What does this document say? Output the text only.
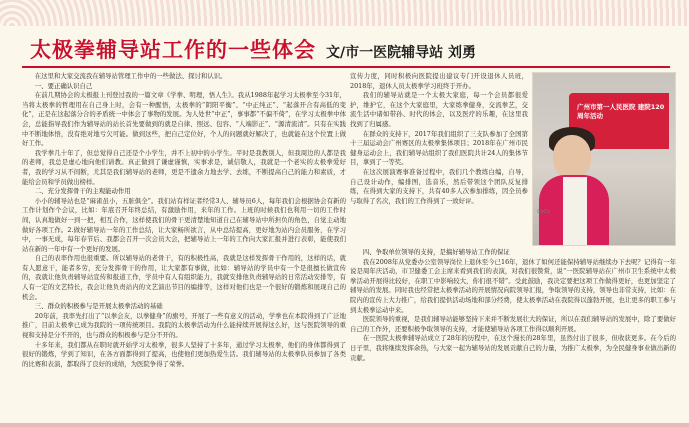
太极拳辅导站工作的一些体会 文/市一医院辅导站 刘勇

在这里和大家交流我在辅导站管理工作中的一些做法、探讨和认识。

一、要正确认识自己

在前几期协会的太极报上刊登过我的一篇文章《学拳、明理，悟人生》。我从1988年起学习太极拳至今31年，当将太极拳的哲理用在自己身上时，会有一种醒悟，太极拳的“阴阳平衡”、“中正纯正”、“起落开合有高低的变化”，正是在这起落分合的矛盾统一中体会了事物的发展。为人处世“中正”，事事都“不偏不倚”，在学习太极拳中体会，总能指导我们作为辅导站的站长首先要做到的就是自律、照远、包容、“人端影正”、“源清流清”。只有在实践中不断地体悟，没有绝对地亏欠可能。做到这些，把自己定位好，个人的问题就好解决了，也就能在这个位置上做好工作。

我学拳几十年了，但总觉得自己还是个小学生，并不上初中的小学生。平时是我教别人，但我周边的人都是我的老师，我总是虚心地向他们请教。真正做到了谦虚谨慎，实事求是，诚信敬人，我就是一个老实的太极拳爱好者，我的学习从不间断，尤其是我们辅导站的老师，更是不遗余力地去学、去练，不断提高自己的能力和素质，才能给会员和学员做出榜样。

二、充分发挥骨干的主观能动作用

小小的辅导站也是“麻雀虽小，五脏俱全”。我们站有样证者经常3人、辅导员6人，每年我们会根据协会有新的工作计划作个会议，比如：年底召开年终总结，有激励作用，来年的工作。上班的时候我们也利用一切的工作时间，认真地做好一到一把，相互合作，这样使我们的骨干更清楚地知道自己在辅导站中所担负的角色，自觉主动地做好各项工作。2.做好辅导站一年的工作总结，让大家畅所欲言，从中总结提高，更好地为站内会员服务，在学习中，一事无成，每年春节后、我都会召开一次会员大会，把辅导站上一年的工作向大家汇报并进行表彰，能使我们站在新的一年中有一个更好的发展。

自己的表率作用也很重要。所以辅导站的老骨干，有的积极性高，我就是这样发挥骨干作用的，这样的话，就有人愿意干，能者多劳，充分发挥骨干的作用，让大家都有事做，比如：辅导站的学员中有一个是很擅长做宣传的，我就让他负责辅导站宣传和报道工作，学员中有人有组织能力，我就安排他负责辅导站的日常活动安排等，有人有一定的文艺特长，我会让他负责站内的文艺演出节目的编排等，这样对他们也是一个很好的锻炼和展现自己的机会。

三、群众的积极参与是开展太极拳活动的基础

20年前，我率先打出了“以拳会友，以拳健身”的旗号，开展了一些有意义的活动，学拳也在本院得到了广泛地推广，目前太极拳已成为我院的一项传统项目。我院的太极拳活动为什么能持续开展得这么好，这与医院领导的重视和支持是分不开的，也与群众的积极参与是分不开的。

十多年来，我们都从在职时就开始学习太极拳，很多人坚持了十多年，通过学习太极拳，他们的身体都得到了很好的锻炼，学到了知识，在各方面都得到了提高，也使他们更加热爱生活。我们辅导站的太极拳队员参加了各类的比赛和表演，都取得了良好的成绩，为医院争得了荣誉。

宣传力度，同时积极向医院提出建议专门开设退休人员班，2018年，退休人员太极拳学习班终于开办。

我们的辅导站就是一个太极大家庭，每一个会员都很爱护，维护它，在这个大家庭里，大家练拳健身，交流拳艺，交流生活中诸如带孙、时代的体会，以及医疗的乐趣，在这里我找到了归属感。

在群众的支持下，2017年我们组织了三支队参加了全国第十三届运动会广州赛区的太极拳集体项目；2018年在广州市民健身运动会上，我们辅导站组织了我们医院共计24人的集体节目，拿到了一等奖。

在这次展演赛事准备过程中，我们几个教练白编，自导，自己设计动作，编排图，选音乐，然后带领这个团队反复排练，在得到大家的支持下，共有40多人次参加排练，因全员参与取得了名次，我们的工作得到了一致好评。

广州市第一人民医院 建院120周年活动
CoCo

四、争取单位领导的支持，是搞好辅导站工作的保证

我在2008年从党委办公室领导岗位上退休至今已16年，退休了如何还能保持辅导站继续办下去呢？记得有一年说是周年庆活动，市卫健委工会主席来看到我们的表演，对我们很赞赏，说“一医院辅导站在广州市卫生系统中太极拳活动开展得比较好，在职工中影响较大，你们很不错”。受此鼓励，我决定要把这项工作做得更好，也更加坚定了辅导站的发展。同时我也经常把太极拳活动的开展情况向院领导汇报，争取领导的支持，领导也非常支持，比如：在院内的宣传上大力推广，给我们提供活动场地和部分经费，使太极拳活动在我院得以蓬勃开展，也让更多的职工参与到太极拳运动中来。

医院领导的重视，是我们辅导站能够坚持下来并不断发展壮大的保证，所以在我们辅导站的发展中，除了要做好自己的工作外，还要积极争取领导的支持，才能使辅导站各项工作得以顺利开展。

在一医院太极拳辅导站成立了28年的历程中，在这个漫长的28年里，虽然付出了很多，但收获更多。在今后的日子里，我将继续发挥余热，与大家一起为辅导站的发展贡献自己的力量，为推广太极拳，为全民健身事业做出新的贡献。
